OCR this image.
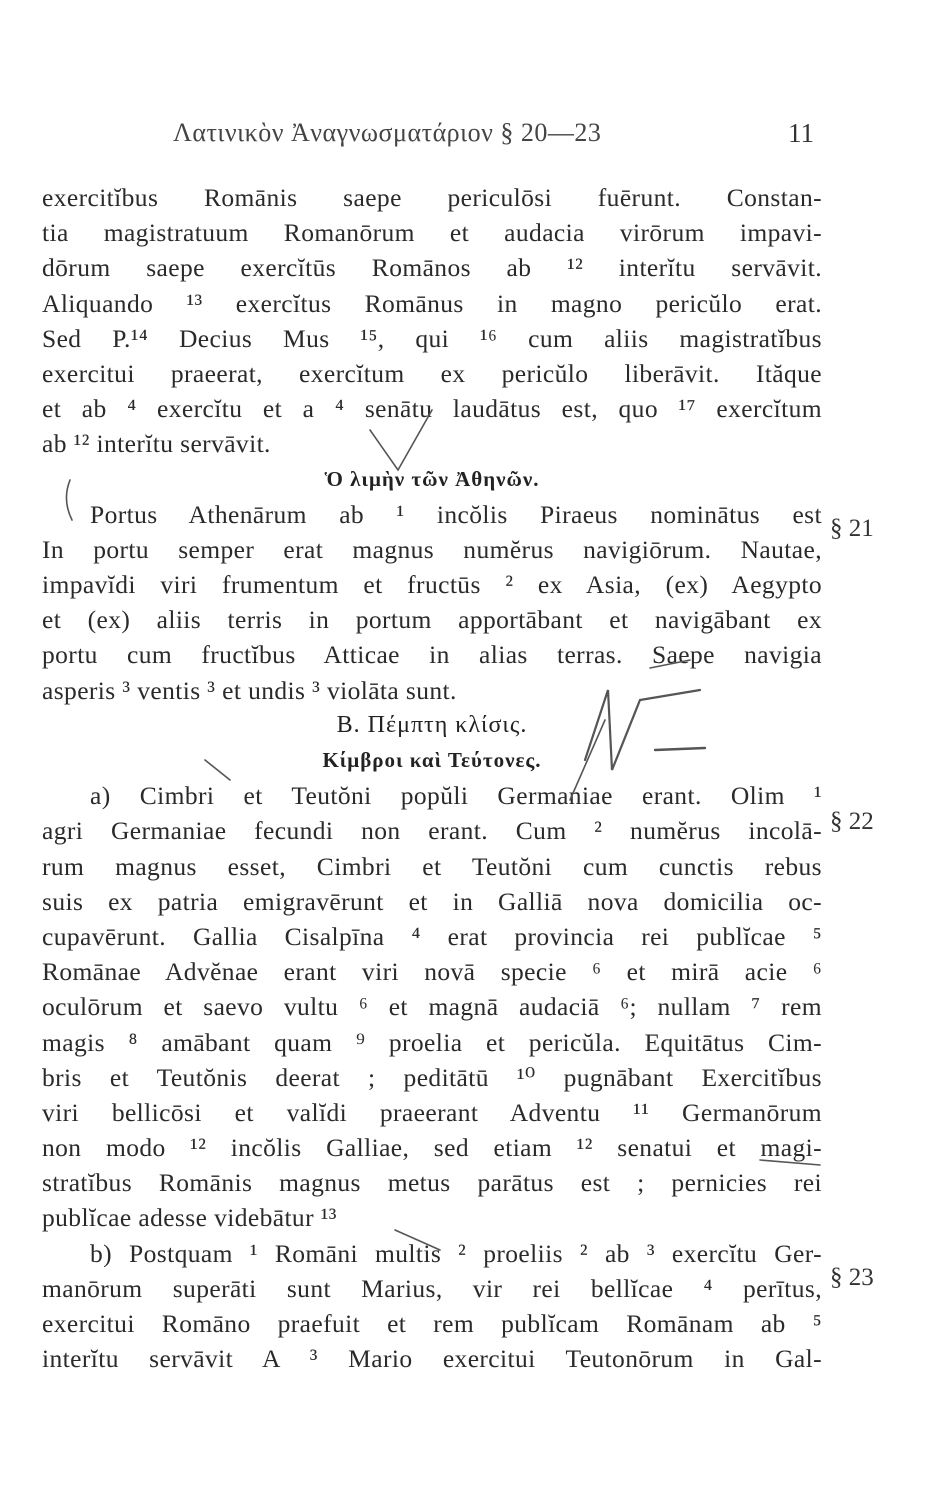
Λατινικὸν Ἀναγνωσματάριον § 20—23	11
exercitĭbus Romānis saepe periculōsi fuērunt. Constan-
tia magistratuum Romanōrum et audacia virōrum impavi-
dōrum saepe exercĭtūs Romānos ab ¹² interĭtu servāvit.
Aliquando ¹³ exercĭtus Romānus in magno pericŭlo erat.
Sed P.¹⁴ Decius Mus ¹⁵, qui ¹⁶ cum aliis magistratĭbus
exercitui praeerat, exercĭtum ex pericŭlo liberāvit. Ităque
et ab ⁴ exercĭtu et a ⁴ senātu laudātus est, quo ¹⁷ exercĭtum
ab ¹² interĭtu servāvit.
Ὁ λιμὴν τῶν Ἀθηνῶν.
Portus Athenārum ab ¹ incŏlis Piraeus nominātus est
In portu semper erat magnus numĕrus navigiōrum. Nautae,
impavĭdi viri frumentum et fructūs ² ex Asia, (ex) Aegypto
et (ex) aliis terris in portum apportābant et navigābant ex
portu cum fructĭbus Atticae in alias terras. Saepe navigia
asperis ³ ventis ³ et undis ³ violāta sunt.
B. Πέμπτη κλίσις.
Κίμβροι καὶ Τεύτονες.
a) Cimbri et Teutŏni popŭli Germaniae erant. Olim ¹
agri Germaniae fecundi non erant. Cum ² numĕrus incolā-
rum magnus esset, Cimbri et Teutŏni cum cunctis rebus
suis ex patria emigravērunt et in Galliā nova domicilia oc-
cupavērunt. Gallia Cisalpīna ⁴ erat provincia rei publĭcae ⁵
Romānae Advĕnae erant viri novā specie ⁶ et mirā acie ⁶
oculōrum et saevo vultu ⁶ et magnā audaciā ⁶; nullam ⁷ rem
magis ⁸ amābant quam ⁹ proelia et pericŭla. Equitātus Cim-
bris et Teutŏnis deerat ; peditātū ¹⁰ pugnābant Exercitĭbus
viri bellicōsi et valĭdi praeerant Adventu ¹¹ Germanōrum
non modo ¹² incŏlis Galliae, sed etiam ¹² senatui et magi-
stratĭbus Romānis magnus metus parātus est ; pernicies rei
publĭcae adesse videbātur ¹³
b) Postquam ¹ Romāni multis ² proeliis ² ab ³ exercĭtu Ger-
manōrum superāti sunt Marius, vir rei bellĭcae ⁴ perītus,
exercitui Romāno praefuit et rem publĭcam Romānam ab ⁵
interĭtu servāvit A ³ Mario exercitui Teutonōrum in Gal-
§ 21
§ 22
§ 23
